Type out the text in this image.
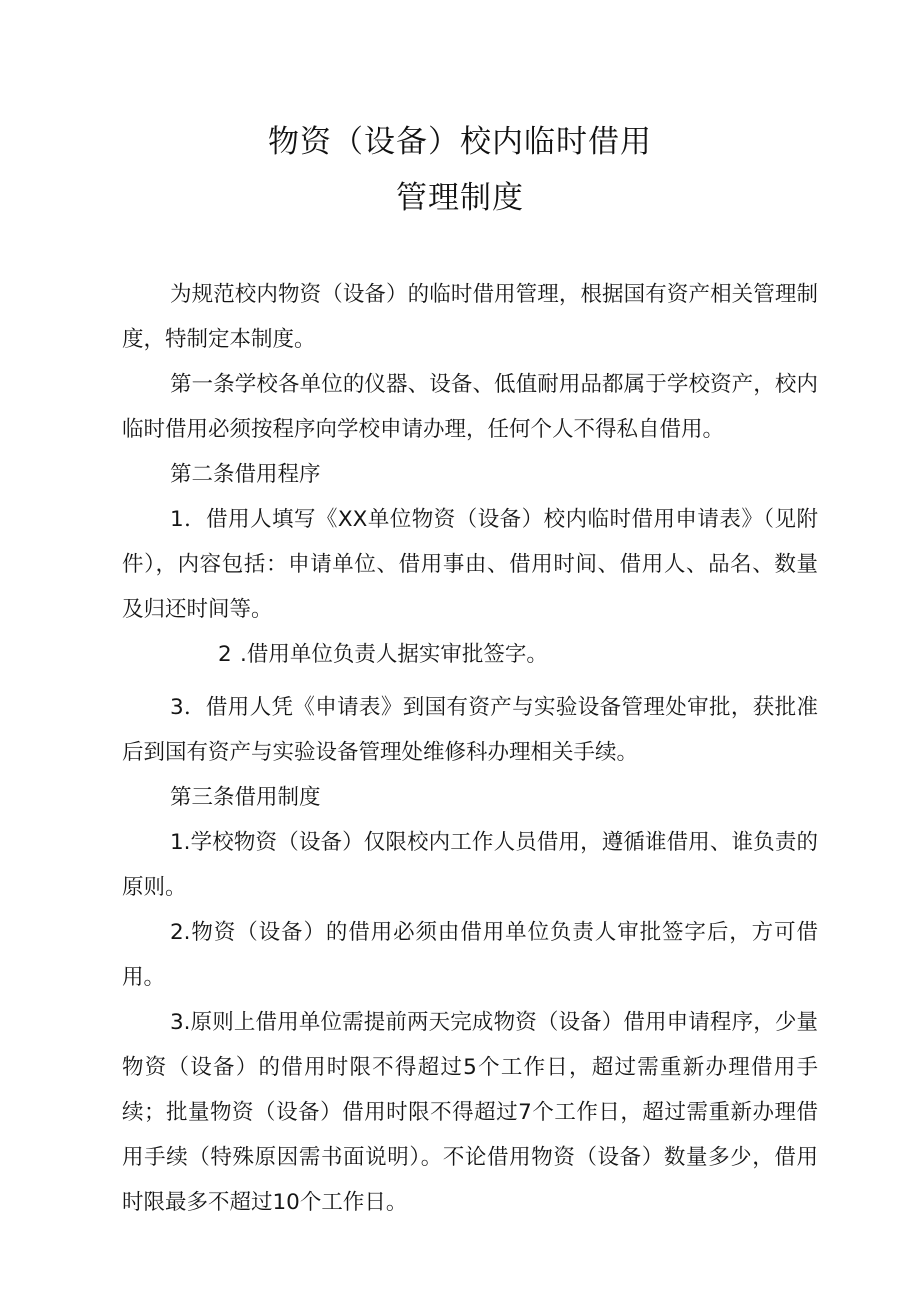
物资（设备）校内临时借用
管理制度

为规范校内物资（设备）的临时借用管理，根据国有资产相关管理制度，特制定本制度。

第一条学校各单位的仪器、设备、低值耐用品都属于学校资产，校内临时借用必须按程序向学校申请办理，任何个人不得私自借用。

第二条借用程序

1．借用人填写《XX单位物资（设备）校内临时借用申请表》（见附件），内容包括：申请单位、借用事由、借用时间、借用人、品名、数量及归还时间等。

2 .借用单位负责人据实审批签字。

3．借用人凭《申请表》到国有资产与实验设备管理处审批，获批准后到国有资产与实验设备管理处维修科办理相关手续。

第三条借用制度

1.学校物资（设备）仅限校内工作人员借用，遵循谁借用、谁负责的原则。

2.物资（设备）的借用必须由借用单位负责人审批签字后，方可借用。

3.原则上借用单位需提前两天完成物资（设备）借用申请程序，少量物资（设备）的借用时限不得超过5个工作日，超过需重新办理借用手续；批量物资（设备）借用时限不得超过7个工作日，超过需重新办理借用手续（特殊原因需书面说明）。不论借用物资（设备）数量多少，借用时限最多不超过10个工作日。
